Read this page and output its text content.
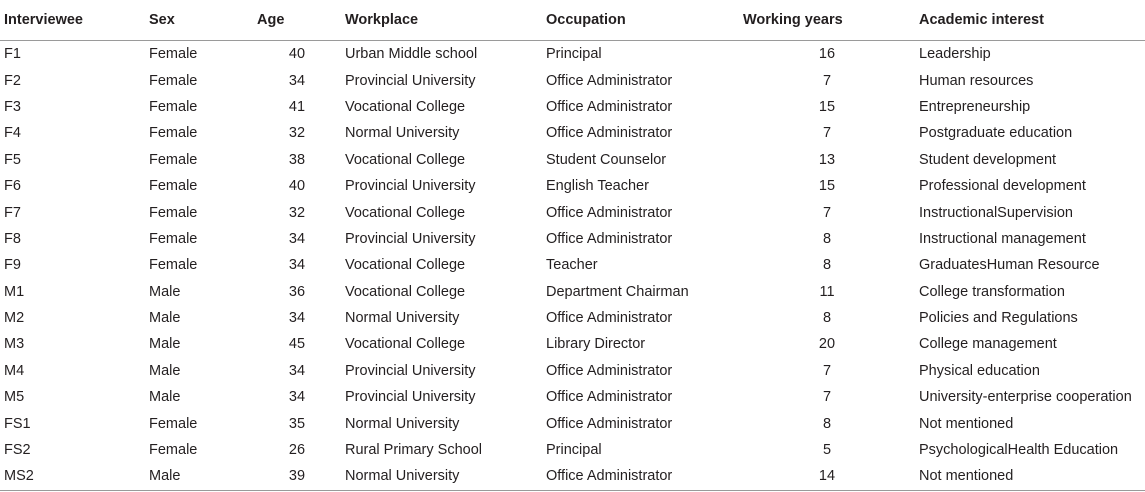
Interviewee	Sex	Age	Workplace	Occupation	Working years	Academic interest
F1	Female	40	Urban Middle school	Principal	16	Leadership
F2	Female	34	Provincial University	Office Administrator	7	Human resources
F3	Female	41	Vocational College	Office Administrator	15	Entrepreneurship
F4	Female	32	Normal University	Office Administrator	7	Postgraduate education
F5	Female	38	Vocational College	Student Counselor	13	Student development
F6	Female	40	Provincial University	English Teacher	15	Professional development
F7	Female	32	Vocational College	Office Administrator	7	InstructionalSupervision
F8	Female	34	Provincial University	Office Administrator	8	Instructional management
F9	Female	34	Vocational College	Teacher	8	GraduatesHuman Resource
M1	Male	36	Vocational College	Department Chairman	11	College transformation
M2	Male	34	Normal University	Office Administrator	8	Policies and Regulations
M3	Male	45	Vocational College	Library Director	20	College management
M4	Male	34	Provincial University	Office Administrator	7	Physical education
M5	Male	34	Provincial University	Office Administrator	7	University-enterprise cooperation
FS1	Female	35	Normal University	Office Administrator	8	Not mentioned
FS2	Female	26	Rural Primary School	Principal	5	PsychologicalHealth Education
MS2	Male	39	Normal University	Office Administrator	14	Not mentioned
